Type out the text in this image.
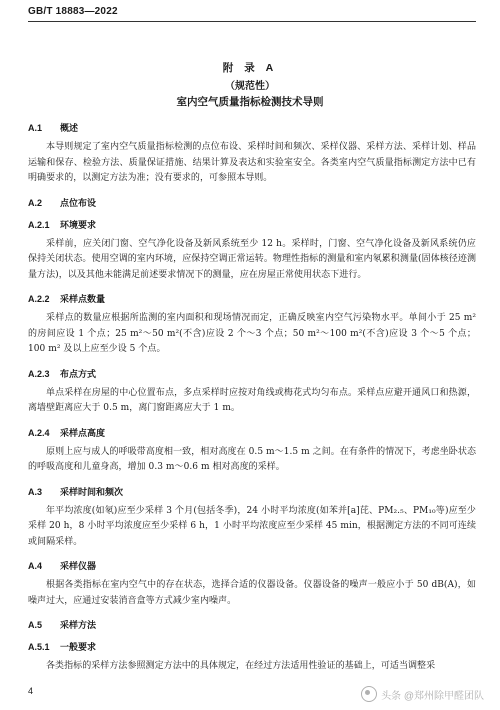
GB/T 18883—2022
附 录 A
（规范性）
室内空气质量指标检测技术导则
A.1 概述

本导则规定了室内空气质量指标检测的点位布设、采样时间和频次、采样仪器、采样方法、采样计划、样品运输和保存、检验方法、质量保证措施、结果计算及表达和实验室安全。各类室内空气质量指标测定方法中已有明确要求的，以测定方法为准；没有要求的，可参照本导则。

A.2 点位布设
A.2.1 环境要求

采样前，应关闭门窗、空气净化设备及新风系统至少 12 h。采样时，门窗、空气净化设备及新风系统仍应保持关闭状态。使用空调的室内环境，应保持空调正常运转。物理性指标的测量和室内氡累积测量(固体核径迹测量方法)，以及其他未能满足前述要求情况下的测量，应在房屋正常使用状态下进行。

A.2.2 采样点数量

采样点的数量应根据所监测的室内面积和现场情况而定，正确反映室内空气污染物水平。单间小于 25 m² 的房间应设 1 个点；25 m²～50 m²(不含)应设 2 个～3 个点；50 m²～100 m²(不含)应设 3 个～5 个点；100 m² 及以上应至少设 5 个点。

A.2.3 布点方式

单点采样在房屋的中心位置布点，多点采样时应按对角线或梅花式均匀布点。采样点应避开通风口和热源，离墙壁距离应大于 0.5 m，离门窗距离应大于 1 m。

A.2.4 采样点高度

原则上应与成人的呼吸带高度相一致，相对高度在 0.5 m～1.5 m 之间。在有条件的情况下，考虑坐卧状态的呼吸高度和儿童身高，增加 0.3 m～0.6 m 相对高度的采样。

A.3 采样时间和频次

年平均浓度(如氡)应至少采样 3 个月(包括冬季)，24 小时平均浓度(如苯并[a]芘、PM₂.₅、PM₁₀等)应至少采样 20 h，8 小时平均浓度应至少采样 6 h，1 小时平均浓度应至少采样 45 min，根据测定方法的不同可连续或间隔采样。

A.4 采样仪器

根据各类指标在室内空气中的存在状态，选择合适的仪器设备。仪器设备的噪声一般应小于 50 dB(A)，如噪声过大，应通过安装消音盒等方式减少室内噪声。

A.5 采样方法
A.5.1 一般要求

各类指标的采样方法参照测定方法中的具体规定，在经过方法适用性验证的基础上，可适当调整采

4	头条 @郑州除甲醛团队
